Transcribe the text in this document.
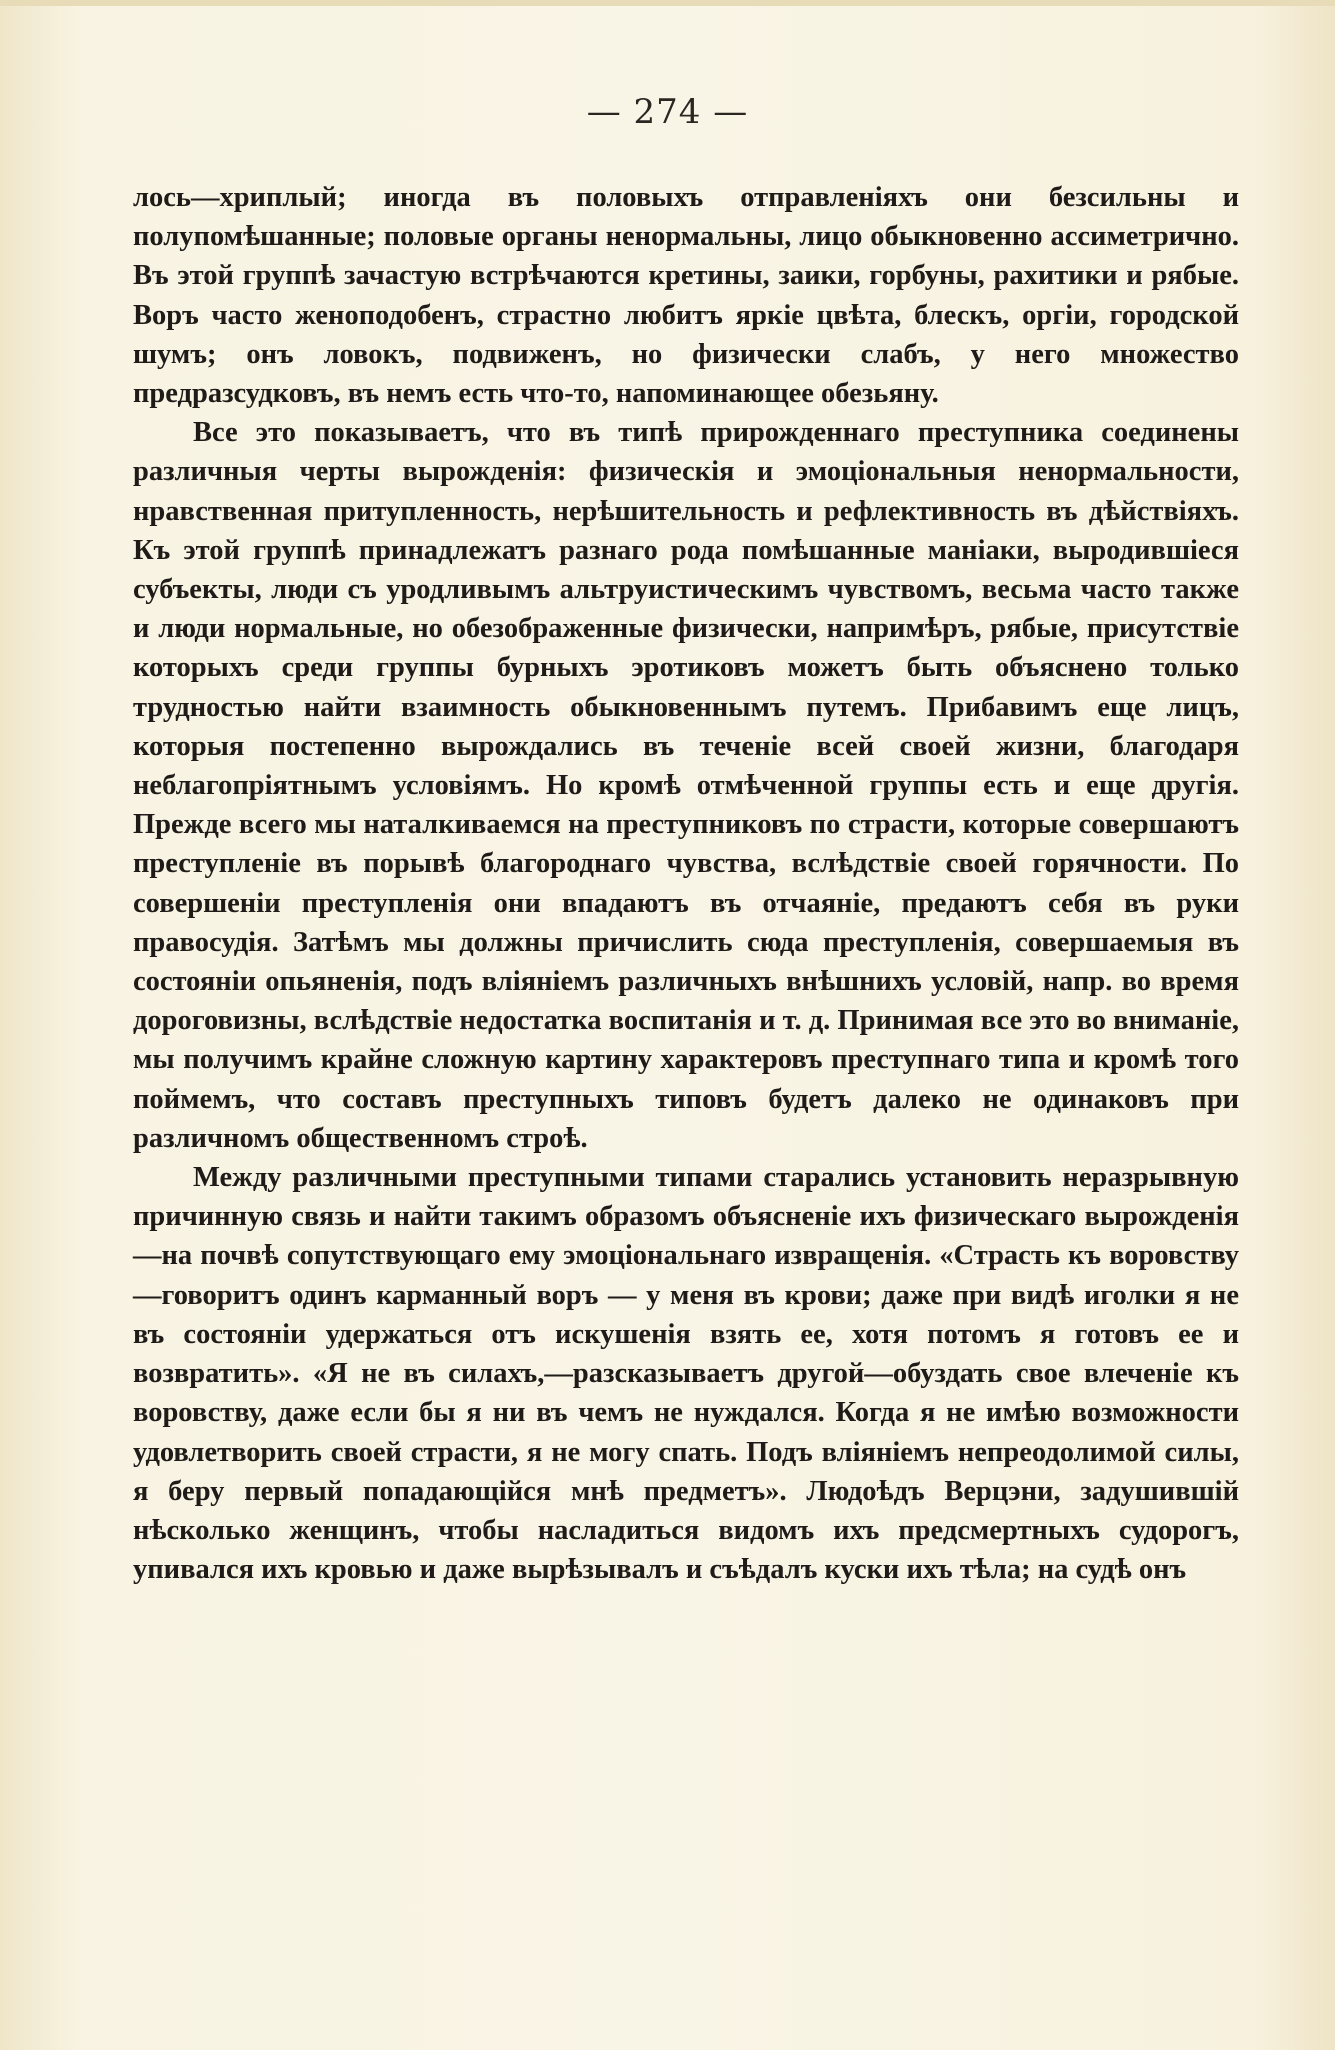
— 274 —

лось—хриплый; иногда въ половыхъ отправленіяхъ они безсильны и полупомѣшанные; половые органы ненормальны, лицо обыкновенно ассиметрично. Въ этой группѣ зачастую встрѣчаются кретины, заики, горбуны, рахитики и рябые. Воръ часто женоподобенъ, страстно любитъ яркіе цвѣта, блескъ, оргіи, городской шумъ; онъ ловокъ, подвиженъ, но физически слабъ, у него множество предразсудковъ, въ немъ есть что-то, напоминающее обезьяну.

Все это показываетъ, что въ типѣ прирожденнаго преступника соединены различныя черты вырожденія: физическія и эмоціональныя ненормальности, нравственная притупленность, нерѣшительность и рефлективность въ дѣйствіяхъ. Къ этой группѣ принадлежатъ разнаго рода помѣшанные маніаки, выродившіеся субъекты, люди съ уродливымъ альтруистическимъ чувствомъ, весьма часто также и люди нормальные, но обезображенные физически, напримѣръ, рябые, присутствіе которыхъ среди группы бурныхъ эротиковъ можетъ быть объяснено только трудностью найти взаимность обыкновеннымъ путемъ. Прибавимъ еще лицъ, которыя постепенно вырождались въ теченіе всей своей жизни, благодаря неблагопріятнымъ условіямъ. Но кромѣ отмѣченной группы есть и еще другія. Прежде всего мы наталкиваемся на преступниковъ по страсти, которые совершаютъ преступленіе въ порывѣ благороднаго чувства, вслѣдствіе своей горячности. По совершеніи преступленія они впадаютъ въ отчаяніе, предаютъ себя въ руки правосудія. Затѣмъ мы должны причислить сюда преступленія, совершаемыя въ состояніи опьяненія, подъ вліяніемъ различныхъ внѣшнихъ условій, напр. во время дороговизны, вслѣдствіе недостатка воспитанія и т. д. Принимая все это во вниманіе, мы получимъ крайне сложную картину характеровъ преступнаго типа и кромѣ того поймемъ, что составъ преступныхъ типовъ будетъ далеко не одинаковъ при различномъ общественномъ строѣ.

Между различными преступными типами старались установить неразрывную причинную связь и найти такимъ образомъ объясненіе ихъ физическаго вырожденія—на почвѣ сопутствующаго ему эмоціональнаго извращенія. «Страсть къ воровству—говоритъ одинъ карманный воръ — у меня въ крови; даже при видѣ иголки я не въ состояніи удержаться отъ искушенія взять ее, хотя потомъ я готовъ ее и возвратить». «Я не въ силахъ,—разсказываетъ другой—обуздать свое влеченіе къ воровству, даже если бы я ни въ чемъ не нуждался. Когда я не имѣю возможности удовлетворить своей страсти, я не могу спать. Подъ вліяніемъ непреодолимой силы, я беру первый попадающійся мнѣ предметъ». Людоѣдъ Верцэни, задушившій нѣсколько женщинъ, чтобы насладиться видомъ ихъ предсмертныхъ судорогъ, упивался ихъ кровью и даже вырѣзывалъ и съѣдалъ куски ихъ тѣла; на судѣ онъ
